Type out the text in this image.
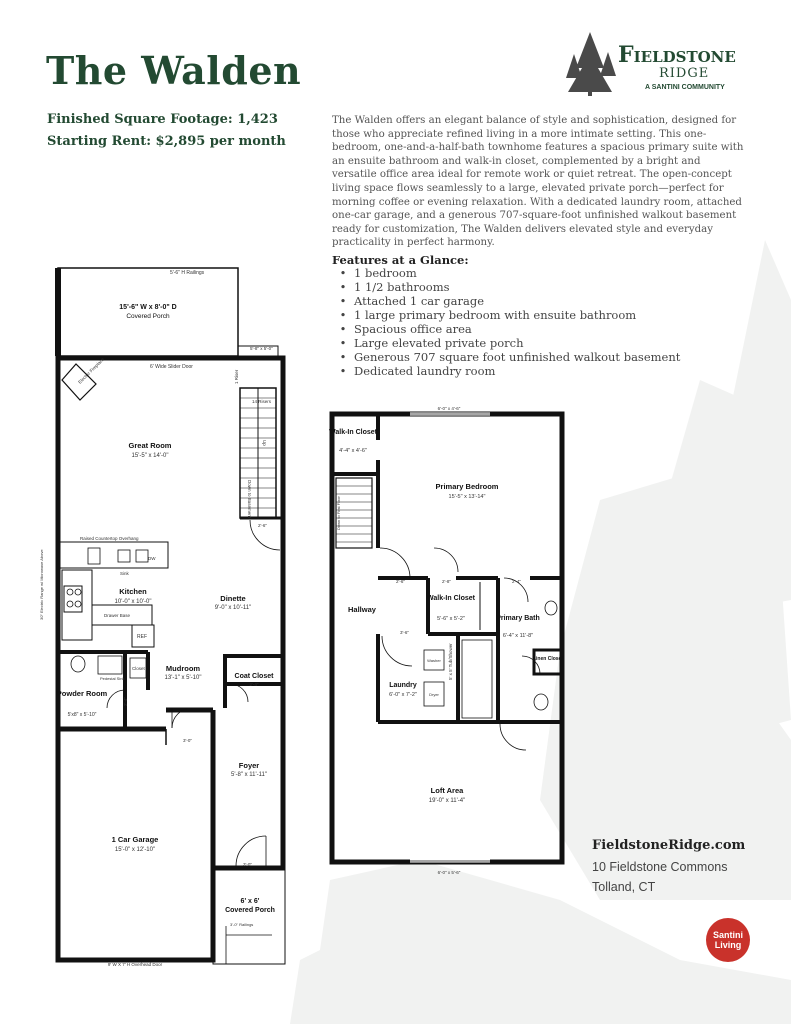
The Walden
Finished Square Footage: 1,423
Starting Rent: $2,895 per month
Fieldstone
RIDGE
A SANTINI COMMUNITY
The Walden offers an elegant balance of style and sophistication, designed for those who appreciate refined living in a more intimate setting. This one-bedroom, one-and-a-half-bath townhome features a spacious primary suite with an ensuite bathroom and walk-in closet, complemented by a bright and versatile office area ideal for remote work or quiet retreat. The open-concept living space flows seamlessly to a large, elevated private porch—perfect for morning coffee or evening relaxation. With a dedicated laundry room, attached one-car garage, and a generous 707-square-foot unfinished walkout basement ready for customization, The Walden delivers elevated style and everyday practicality in perfect harmony.
Features at a Glance:
• 1 bedroom
• 1 1/2 bathrooms
• Attached 1 car garage
• 1 large primary bedroom with ensuite bathroom
• Spacious office area
• Large elevated private porch
• Generous 707 square foot unfinished walkout basement
• Dedicated laundry room
5'-6" H Railings
15'-6" W x 8'-0" D
Covered Porch
5'-8" x 5'-0"
6' Wide Slider Door
Electric Fireplace
14 Risers
1 Riser
Up
Down to Basement
2'-6"
Great Room
15'-5" x 14'-0"
Raised Countertop Overhang
DW
Sink
30" Electric Range w/ Microwave Above	Kitchen
10'-0" x 10'-0"
Drawer Base
REF
Dinette
9'-0" x 10'-11"
Pedestal Sink
Closet	Mudroom
13'-1" x 5'-10"	Coat Closet
2'-4"
Powder Room
5'x8" x 5'-10"
2'-4"
3'-0"
Foyer
5'-8" x 11'-11"
1 Car Garage
15'-0" x 12'-10"
9' W X 7' H Overhead Door
3'-0"
6' x 6'
Covered Porch
3'-0" Railings
6'-0" x 4'-6"
Walk-In Closet
4'-4" x 4'-6"
Primary Bedroom
15'-5" x 13'-14"
Down to First Floor
Hallway
2'-6"	2'-8"	2'-4"
3'-6"
Walk-In Closet
5'-6" x 5'-2"	Primary Bath
6'-4" x 11'-8"
Linen Closet
Washer
Dryer
Laundry
6'-0" x 7'-2"
5' x 5' Tub/Shower
Loft Area
19'-0" x 11'-4"
6'-0" x 5'-6"
FieldstoneRidge.com
10 Fieldstone Commons
Tolland, CT
Santini
Living
